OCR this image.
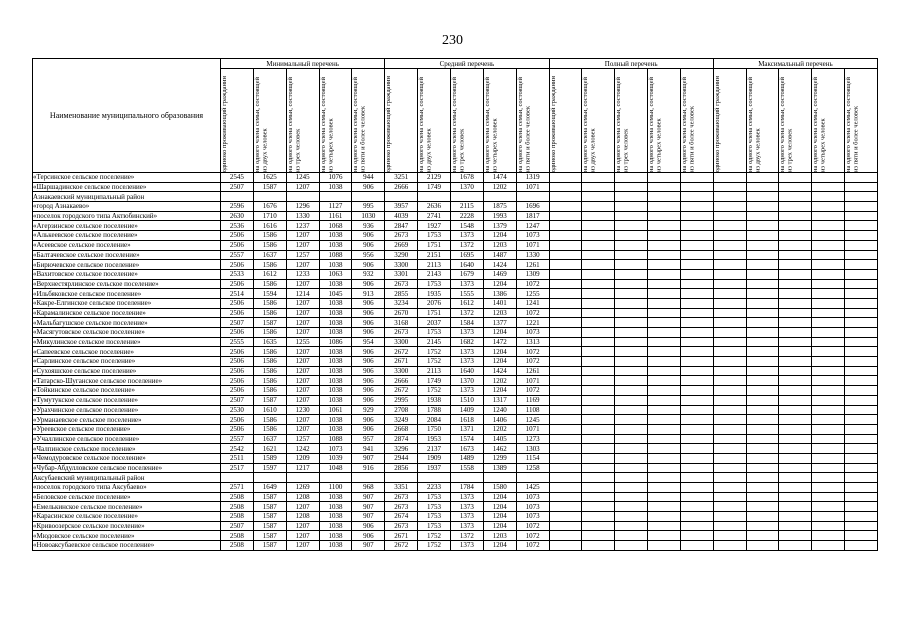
230
Наименование муниципального образования	Минимальный перечень					Средний перечень					Полный перечень					Максимальный перечень				

	одиноко проживающий гражданин	на одного члена семьи, состоящей из двух человек	на одного члена семьи, состоящей из трех человек	на одного члена семьи, состоящей из четырех человек	на одного члена семьи, состоящей из пяти и более человек	одиноко проживающий гражданин	на одного члена семьи, состоящей из двух человек	на одного члена семьи, состоящей из трех человек	на одного члена семьи, состоящей из четырех человек	на одного члена семьи, состоящей из пяти и более человек	одиноко проживающий гражданин	на одного члена семьи, состоящей из двух человек	на одного члена семьи, состоящей из трех человек	на одного члена семьи, состоящей из четырех человек	на одного члена семьи, состоящей из пяти и более человек	одиноко проживающий гражданин	на одного члена семьи, состоящей из двух человек	на одного члена семьи, состоящей из трех человек	на одного члена семьи, состоящей из четырех человек	на одного члена семьи, состоящей из пяти и более человек

«Терсинское сельское поселение»	2545	1625	1245	1076	944	3251	2129	1678	1474	1319										
«Шаршадинское сельское поселение»	2507	1587	1207	1038	906	2666	1749	1370	1202	1071										
Азнакаевский муниципальный район																				
«город Азнакаево»	2596	1676	1296	1127	995	3957	2636	2115	1875	1696										
«поселок городского типа Актюбинский»	2630	1710	1330	1161	1030	4039	2741	2228	1993	1817										
«Агерзинское сельское поселение»	2536	1616	1237	1068	936	2847	1927	1548	1379	1247										
«Алькеевское сельское поселение»	2506	1586	1207	1038	906	2673	1753	1373	1204	1073										
«Асеевское сельское поселение»	2506	1586	1207	1038	906	2669	1751	1372	1203	1071										
«Балтачевское сельское поселение»	2557	1637	1257	1088	956	3290	2151	1695	1487	1330										
«Бирючевское сельское поселение»	2506	1586	1207	1038	906	3300	2113	1640	1424	1261										
«Вахитовское сельское поселение»	2533	1612	1233	1063	932	3301	2143	1679	1469	1309										
«Верхнестярлинское сельское поселение»	2506	1586	1207	1038	906	2673	1753	1373	1204	1072										
«Ильбяковское сельское поселение»	2514	1594	1214	1045	913	2855	1935	1555	1386	1255										
«Какре-Елгинское сельское поселение»	2506	1586	1207	1038	906	3234	2076	1612	1401	1241										
«Карамалинское сельское поселение»	2506	1586	1207	1038	906	2670	1751	1372	1203	1072										
«Мальбагушское сельское поселение»	2507	1587	1207	1038	906	3168	2037	1584	1377	1221										
«Масягутовское сельское поселение»	2506	1586	1207	1038	906	2673	1753	1373	1204	1073										
«Микулинское сельское поселение»	2555	1635	1255	1086	954	3300	2145	1682	1472	1313										
«Сапеевское сельское поселение»	2506	1586	1207	1038	906	2672	1752	1373	1204	1072										
«Сарлинское сельское поселение»	2506	1586	1207	1038	906	2671	1752	1373	1204	1072										
«Сухояшское сельское поселение»	2506	1586	1207	1038	906	3300	2113	1640	1424	1261										
«Татарско-Шуганское сельское поселение»	2506	1586	1207	1038	906	2666	1749	1370	1202	1071										
«Тойкинское сельское поселение»	2506	1586	1207	1038	906	2672	1752	1373	1204	1072										
«Тумутукское сельское поселение»	2507	1587	1207	1038	906	2995	1938	1510	1317	1169										
«Урахчинское сельское поселение»	2530	1610	1230	1061	929	2708	1788	1409	1240	1108										
«Урманаевское сельское поселение»	2506	1586	1207	1038	906	3249	2084	1618	1406	1245										
«Уреевское сельское поселение»	2506	1586	1207	1038	906	2668	1750	1371	1202	1071										
«Учаллинское сельское поселение»	2557	1637	1257	1088	957	2874	1953	1574	1405	1273										
«Чалпинское сельское поселение»	2542	1621	1242	1073	941	3296	2137	1673	1462	1303										
«Чемодуровское сельское поселение»	2511	1589	1209	1039	907	2944	1909	1489	1299	1154										
«Чубар-Абдулловское сельское поселение»	2517	1597	1217	1048	916	2856	1937	1558	1389	1258										
Аксубаевский муниципальный район																				
«поселок городского типа Аксубаево»	2571	1649	1269	1100	968	3351	2233	1784	1580	1425										
«Беловское сельское поселение»	2508	1587	1208	1038	907	2673	1753	1373	1204	1073										
«Емелькинское сельское поселение»	2508	1587	1207	1038	907	2673	1753	1373	1204	1073										
«Карасинское сельское поселение»	2508	1587	1208	1038	907	2674	1753	1373	1204	1073										
«Кривоозерское сельское поселение»	2507	1587	1207	1038	906	2673	1753	1373	1204	1072										
«Мюдовское сельское поселение»	2508	1587	1207	1038	906	2671	1752	1372	1203	1072										
«Новоаксубаевское сельское поселение»	2508	1587	1207	1038	907	2672	1752	1373	1204	1072										
